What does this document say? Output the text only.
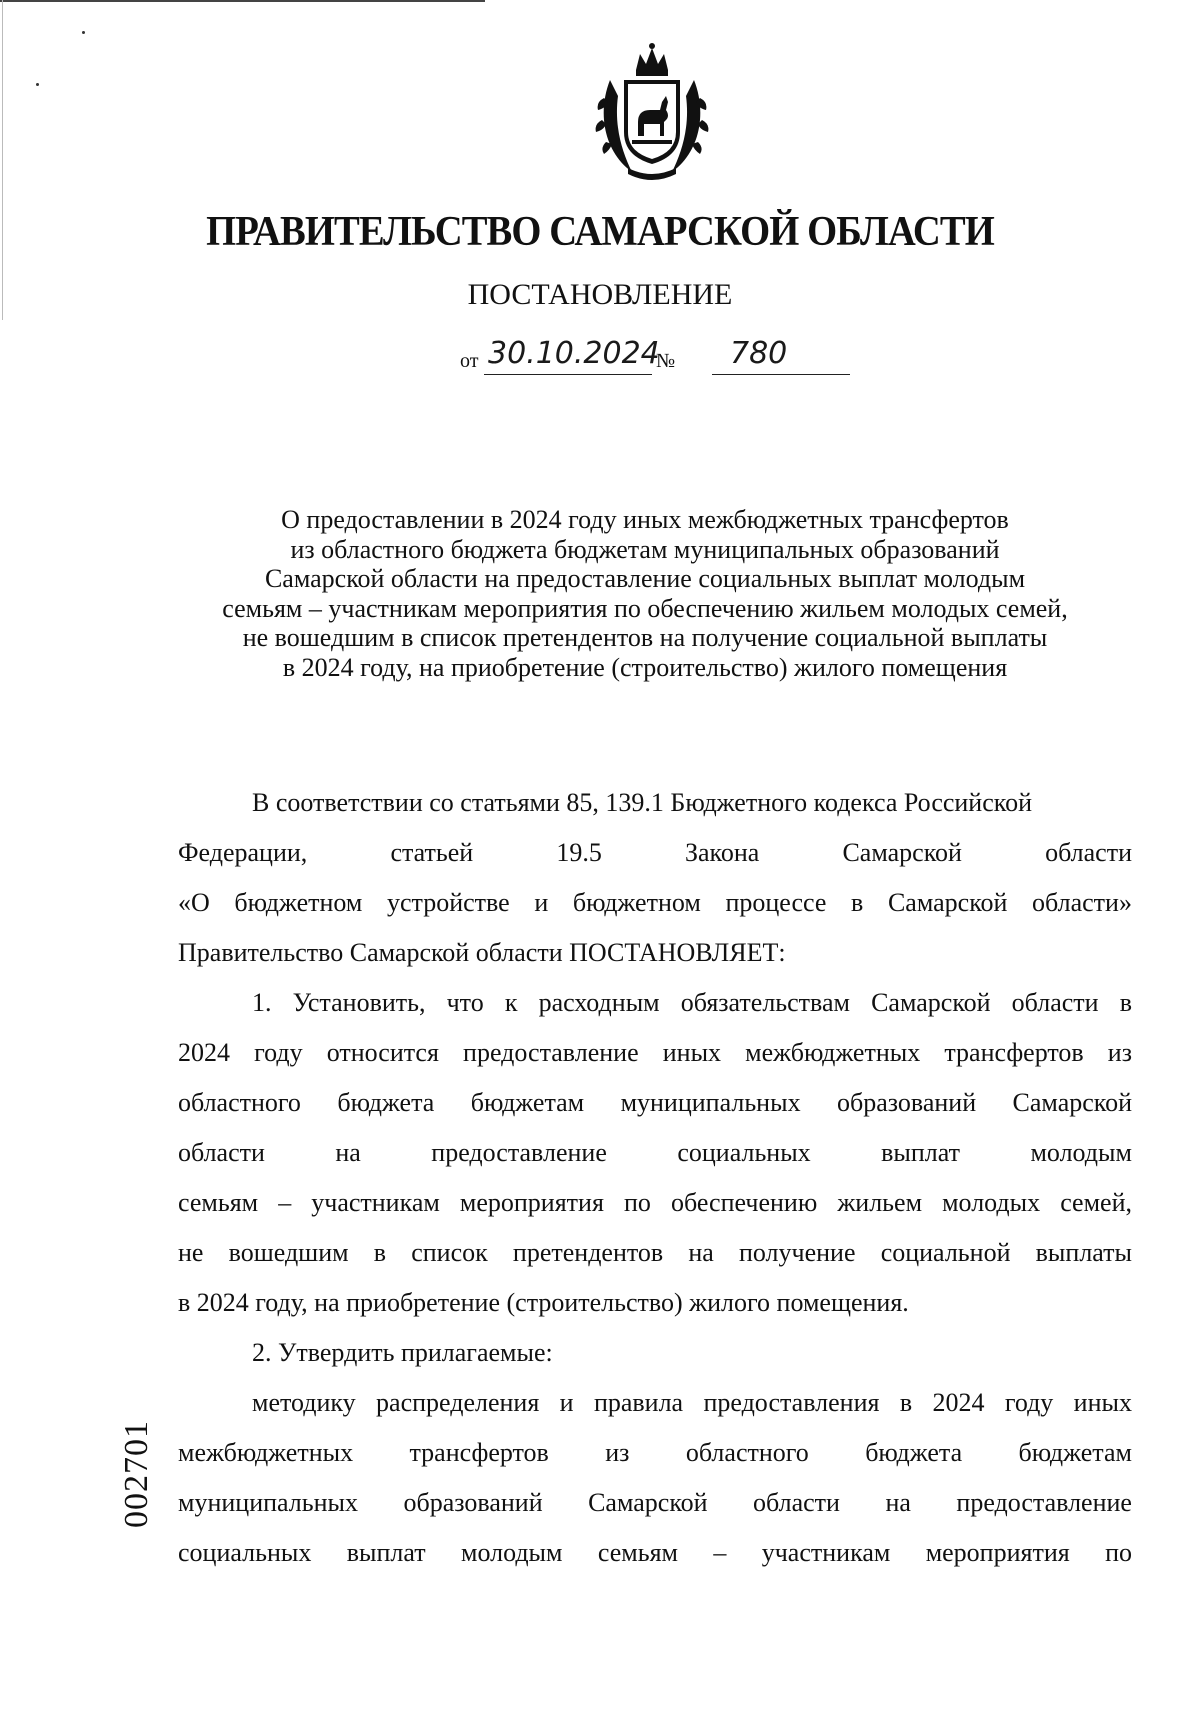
ПРАВИТЕЛЬСТВО САМАРСКОЙ ОБЛАСТИ
ПОСТАНОВЛЕНИЕ
от 30.10.2024
№ 780
О предоставлении в 2024 году иных межбюджетных трансфертов
из областного бюджета бюджетам муниципальных образований
Самарской области на предоставление социальных выплат молодым
семьям – участникам мероприятия по обеспечению жильем молодых семей,
не вошедшим в список претендентов на получение социальной выплаты
в 2024 году, на приобретение (строительство) жилого помещения
В соответствии со статьями 85, 139.1 Бюджетного кодекса Российской
Федерации,	статьей	19.5	Закона	Самарской	области
«О бюджетном устройстве и бюджетном процессе в Самарской области»
Правительство Самарской области ПОСТАНОВЛЯЕТ:
1. Установить, что к расходным обязательствам Самарской области в
2024 году относится предоставление иных межбюджетных трансфертов из
областного бюджета бюджетам муниципальных образований Самарской
области	на	предоставление	социальных	выплат	молодым
семьям – участникам мероприятия по обеспечению жильем молодых семей,
не вошедшим в список претендентов на получение социальной выплаты
в 2024 году, на приобретение (строительство) жилого помещения.
2. Утвердить прилагаемые:
методику распределения и правила предоставления в 2024 году иных
межбюджетных трансфертов из областного бюджета бюджетам
муниципальных образований Самарской области на предоставление
социальных выплат молодым семьям – участникам мероприятия по
002701
